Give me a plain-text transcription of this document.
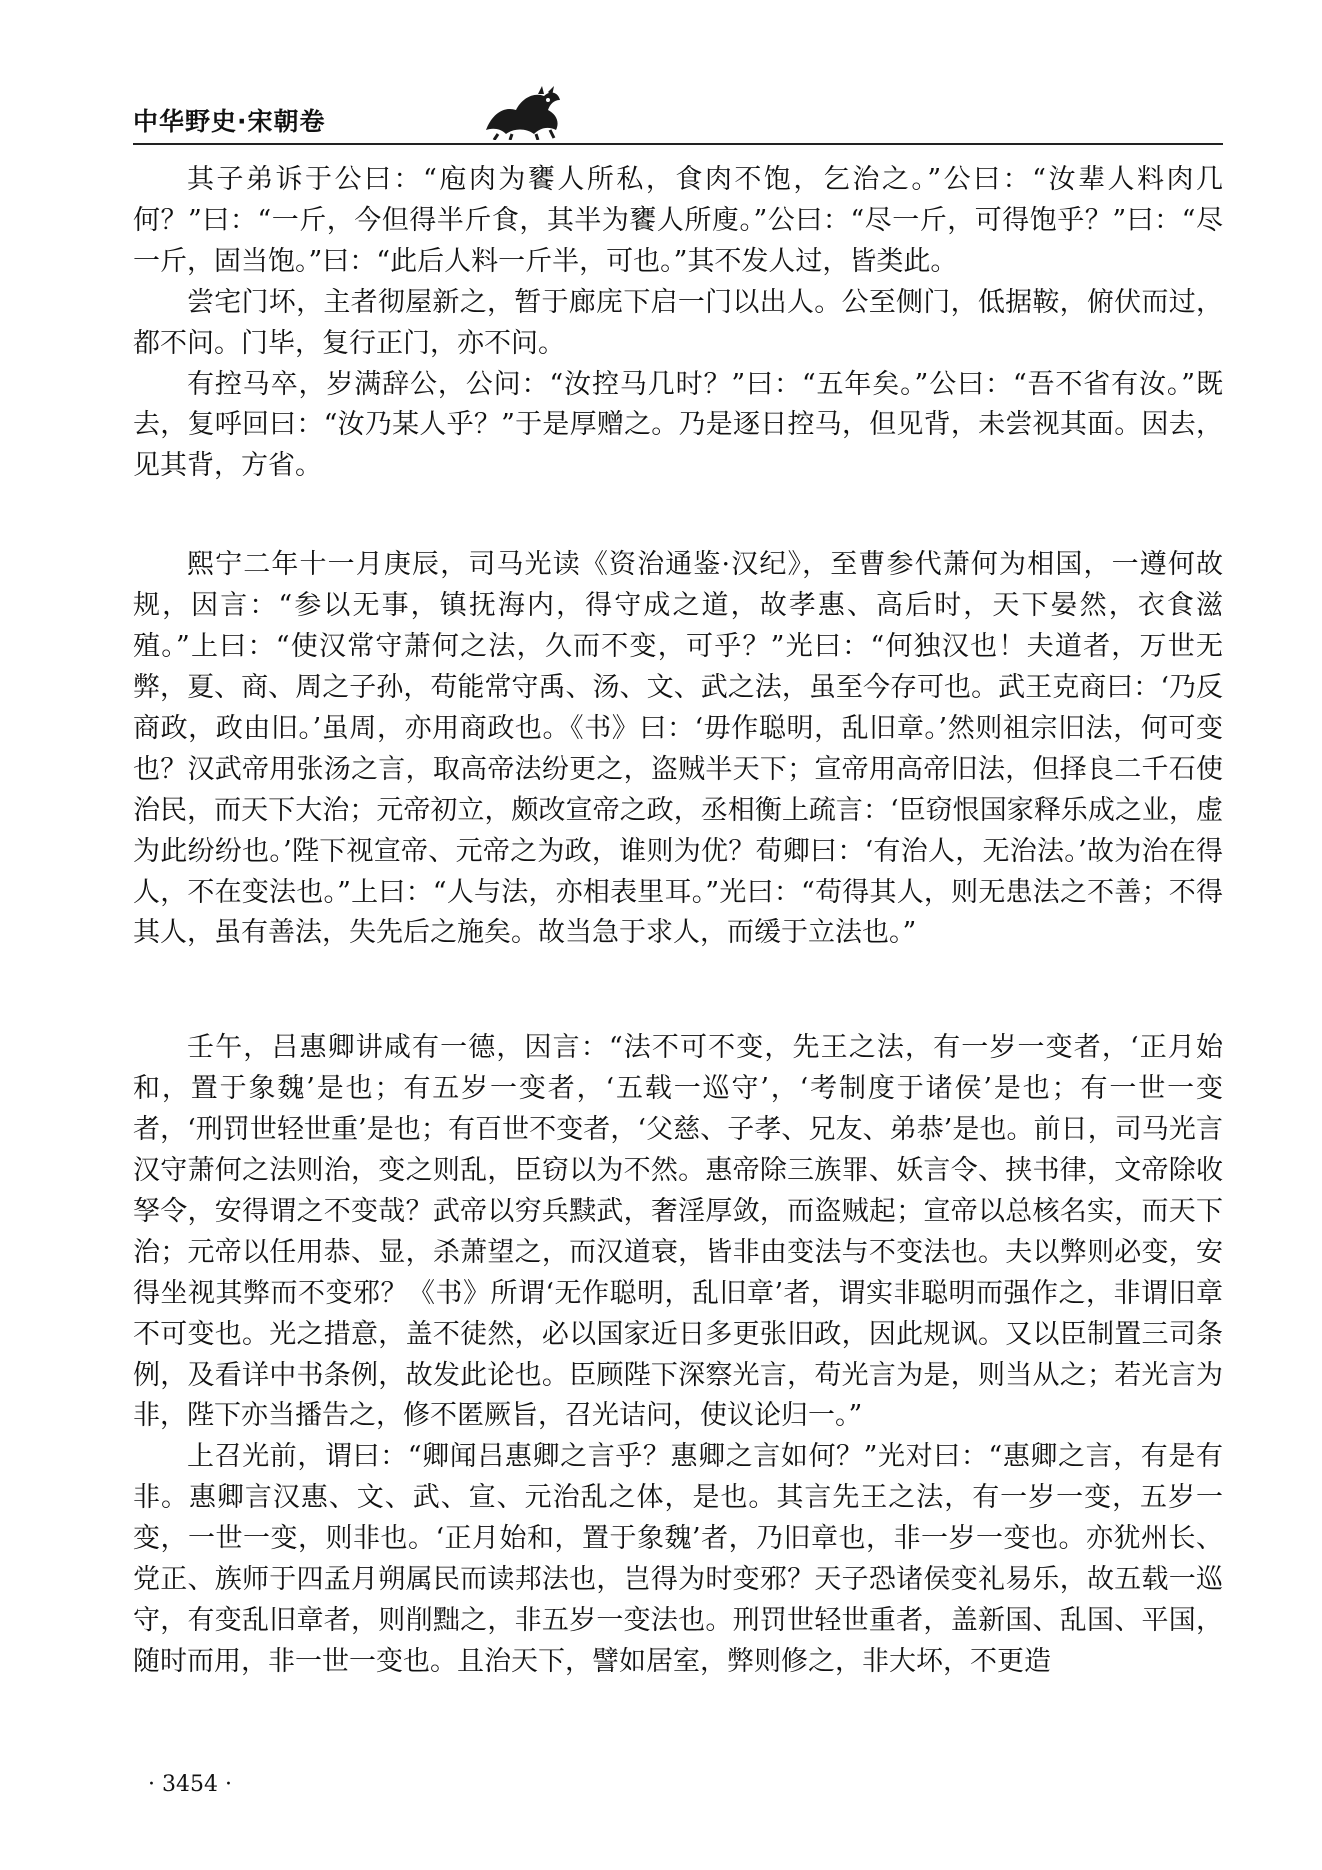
中华野史·宋朝卷

其子弟诉于公曰：“庖肉为饔人所私，食肉不饱，乞治之。”公曰：“汝辈人料肉几何？”曰：“一斤，今但得半斤食，其半为饔人所廋。”公曰：“尽一斤，可得饱乎？”曰：“尽一斤，固当饱。”曰：“此后人料一斤半，可也。”其不发人过，皆类此。

尝宅门坏，主者彻屋新之，暂于廊庑下启一门以出人。公至侧门，低据鞍，俯伏而过，都不问。门毕，复行正门，亦不问。

有控马卒，岁满辞公，公问：“汝控马几时？”曰：“五年矣。”公曰：“吾不省有汝。”既去，复呼回曰：“汝乃某人乎？”于是厚赠之。乃是逐日控马，但见背，未尝视其面。因去，见其背，方省。

熙宁二年十一月庚辰，司马光读《资治通鉴·汉纪》，至曹参代萧何为相国，一遵何故规，因言：“参以无事，镇抚海内，得守成之道，故孝惠、高后时，天下晏然，衣食滋殖。”上曰：“使汉常守萧何之法，久而不变，可乎？”光曰：“何独汉也！夫道者，万世无弊，夏、商、周之子孙，苟能常守禹、汤、文、武之法，虽至今存可也。武王克商曰：‘乃反商政，政由旧。’虽周，亦用商政也。《书》曰：‘毋作聪明，乱旧章。’然则祖宗旧法，何可变也？汉武帝用张汤之言，取高帝法纷更之，盗贼半天下；宣帝用高帝旧法，但择良二千石使治民，而天下大治；元帝初立，颇改宣帝之政，丞相衡上疏言：‘臣窃恨国家释乐成之业，虚为此纷纷也。’陛下视宣帝、元帝之为政，谁则为优？荀卿曰：‘有治人，无治法。’故为治在得人，不在变法也。”上曰：“人与法，亦相表里耳。”光曰：“苟得其人，则无患法之不善；不得其人，虽有善法，失先后之施矣。故当急于求人，而缓于立法也。”

壬午，吕惠卿讲咸有一德，因言：“法不可不变，先王之法，有一岁一变者，‘正月始和，置于象魏’是也；有五岁一变者，‘五载一巡守’，‘考制度于诸侯’是也；有一世一变者，‘刑罚世轻世重’是也；有百世不变者，‘父慈、子孝、兄友、弟恭’是也。前日，司马光言汉守萧何之法则治，变之则乱，臣窃以为不然。惠帝除三族罪、妖言令、挟书律，文帝除收孥令，安得谓之不变哉？武帝以穷兵黩武，奢淫厚敛，而盗贼起；宣帝以总核名实，而天下治；元帝以任用恭、显，杀萧望之，而汉道衰，皆非由变法与不变法也。夫以弊则必变，安得坐视其弊而不变邪？《书》所谓‘无作聪明，乱旧章’者，谓实非聪明而强作之，非谓旧章不可变也。光之措意，盖不徒然，必以国家近日多更张旧政，因此规讽。又以臣制置三司条例，及看详中书条例，故发此论也。臣顾陛下深察光言，苟光言为是，则当从之；若光言为非，陛下亦当播告之，修不匿厥旨，召光诘问，使议论归一。”

上召光前，谓曰：“卿闻吕惠卿之言乎？惠卿之言如何？”光对曰：“惠卿之言，有是有非。惠卿言汉惠、文、武、宣、元治乱之体，是也。其言先王之法，有一岁一变，五岁一变，一世一变，则非也。‘正月始和，置于象魏’者，乃旧章也，非一岁一变也。亦犹州长、党正、族师于四孟月朔属民而读邦法也，岂得为时变邪？天子恐诸侯变礼易乐，故五载一巡守，有变乱旧章者，则削黜之，非五岁一变法也。刑罚世轻世重者，盖新国、乱国、平国，随时而用，非一世一变也。且治天下，譬如居室，弊则修之，非大坏，不更造

· 3454 ·
